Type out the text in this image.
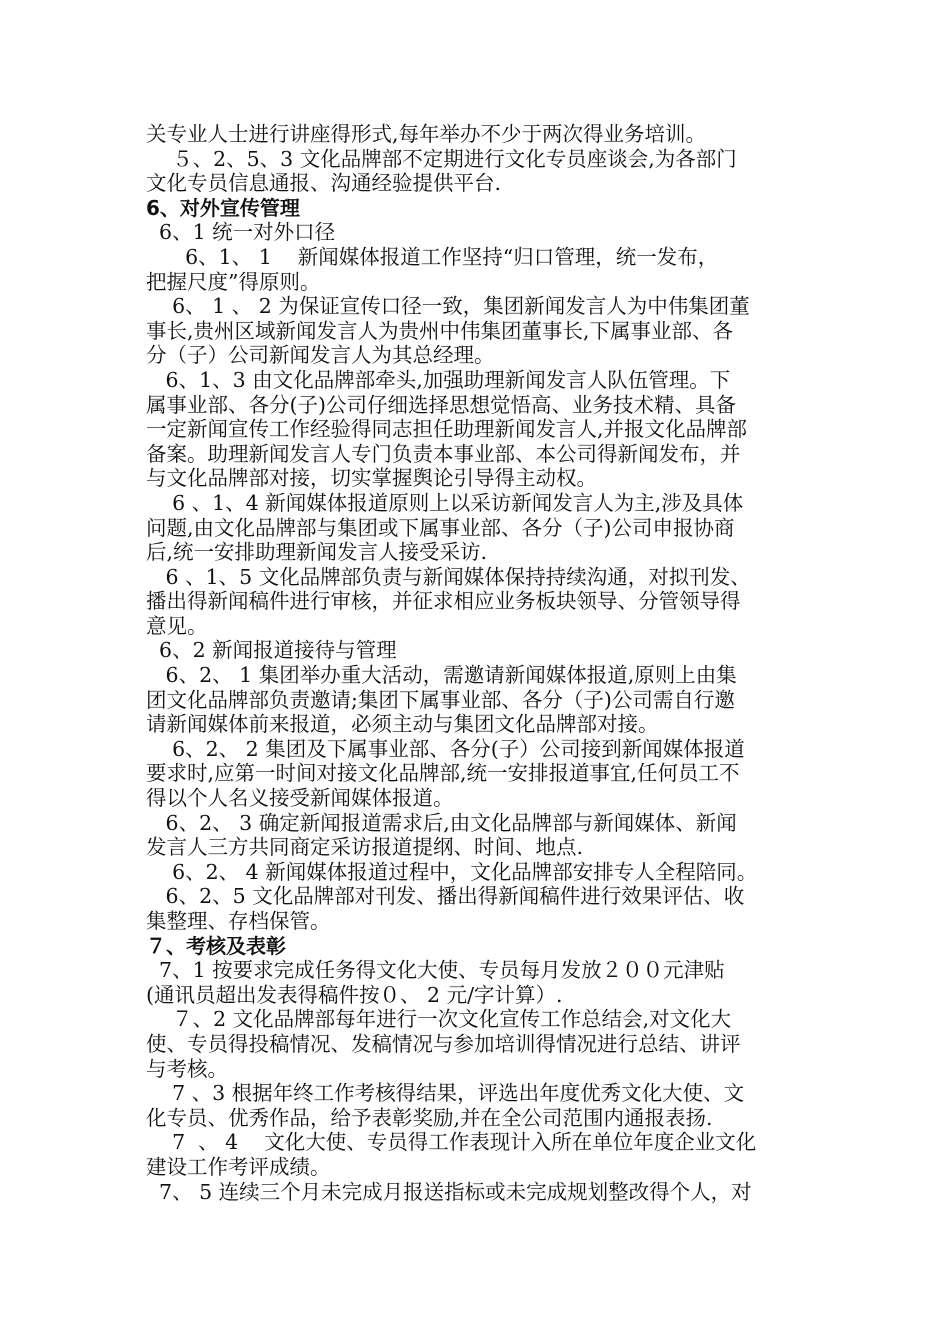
关专业人士进行讲座得形式,每年举办不少于两次得业务培训。
５、2、5、3 文化品牌部不定期进行文化专员座谈会,为各部门
文化专员信息通报、沟通经验提供平台.
6、对外宣传管理
6、1 统一对外口径
6、1、 1    新闻媒体报道工作坚持“归口管理，统一发布，
把握尺度”得原则。
6、 1 、 2 为保证宣传口径一致，集团新闻发言人为中伟集团董
事长,贵州区域新闻发言人为贵州中伟集团董事长,下属事业部、各
分（子）公司新闻发言人为其总经理。
6、1、3 由文化品牌部牵头,加强助理新闻发言人队伍管理。下
属事业部、各分(子)公司仔细选择思想觉悟高、业务技术精、具备
一定新闻宣传工作经验得同志担任助理新闻发言人,并报文化品牌部
备案。助理新闻发言人专门负责本事业部、本公司得新闻发布，并
与文化品牌部对接，切实掌握舆论引导得主动权。
6 、1、4 新闻媒体报道原则上以采访新闻发言人为主,涉及具体
问题,由文化品牌部与集团或下属事业部、各分（子)公司申报协商
后,统一安排助理新闻发言人接受采访.
6 、1、5 文化品牌部负责与新闻媒体保持持续沟通，对拟刊发、
播出得新闻稿件进行审核，并征求相应业务板块领导、分管领导得
意见。
6、2 新闻报道接待与管理
6、2、 1 集团举办重大活动，需邀请新闻媒体报道,原则上由集
团文化品牌部负责邀请;集团下属事业部、各分（子)公司需自行邀
请新闻媒体前来报道，必须主动与集团文化品牌部对接。
6、2、 2 集团及下属事业部、各分(子）公司接到新闻媒体报道
要求时,应第一时间对接文化品牌部,统一安排报道事宜,任何员工不
得以个人名义接受新闻媒体报道。
6、2、 3 确定新闻报道需求后,由文化品牌部与新闻媒体、新闻
发言人三方共同商定采访报道提纲、时间、地点.
6、2、 4 新闻媒体报道过程中，文化品牌部安排专人全程陪同。
6、2、5 文化品牌部对刊发、播出得新闻稿件进行效果评估、收
集整理、存档保管。
７、考核及表彰
7、1 按要求完成任务得文化大使、专员每月发放２００元津贴
(通讯员超出发表得稿件按０、 2 元/字计算）.
７、2 文化品牌部每年进行一次文化宣传工作总结会,对文化大
使、专员得投稿情况、发稿情况与参加培训得情况进行总结、讲评
与考核。
7 、3 根据年终工作考核得结果，评选出年度优秀文化大使、文
化专员、优秀作品，给予表彰奖励,并在全公司范围内通报表扬.
7  、 4    文化大使、专员得工作表现计入所在单位年度企业文化
建设工作考评成绩。
7、 5 连续三个月未完成月报送指标或未完成规划整改得个人，对
